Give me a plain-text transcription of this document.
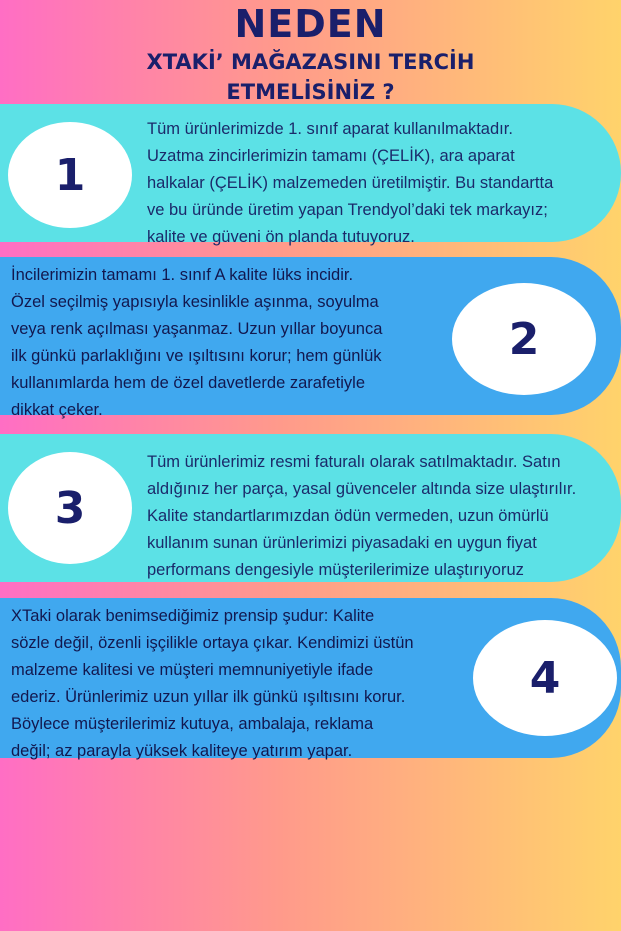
NEDEN
XTAKİ’ MAĞAZASINI TERCİH
ETMELİSİNİZ ?
1
Tüm ürünlerimizde 1. sınıf aparat kullanılmaktadır.
Uzatma zincirlerimizin tamamı (ÇELİK), ara aparat
halkalar (ÇELİK) malzemeden üretilmiştir. Bu standartta
ve bu üründe üretim yapan Trendyol’daki tek markayız;
kalite ve güveni ön planda tutuyoruz.
2
İncilerimizin tamamı 1. sınıf A kalite lüks incidir.
Özel seçilmiş yapısıyla kesinlikle aşınma, soyulma
veya renk açılması yaşanmaz. Uzun yıllar boyunca
ilk günkü parlaklığını ve ışıltısını korur; hem günlük
kullanımlarda hem de özel davetlerde zarafetiyle
dikkat çeker.
3
Tüm ürünlerimiz resmi faturalı olarak satılmaktadır. Satın
aldığınız her parça, yasal güvenceler altında size ulaştırılır.
Kalite standartlarımızdan ödün vermeden, uzun ömürlü
kullanım sunan ürünlerimizi piyasadaki en uygun fiyat
performans dengesiyle müşterilerimize ulaştırıyoruz
4
XTaki olarak benimsediğimiz prensip şudur: Kalite
sözle değil, özenli işçilikle ortaya çıkar. Kendimizi üstün
malzeme kalitesi ve müşteri memnuniyetiyle ifade
ederiz. Ürünlerimiz uzun yıllar ilk günkü ışıltısını korur.
Böylece müşterilerimiz kutuya, ambalaja, reklama
değil; az parayla yüksek kaliteye yatırım yapar.
